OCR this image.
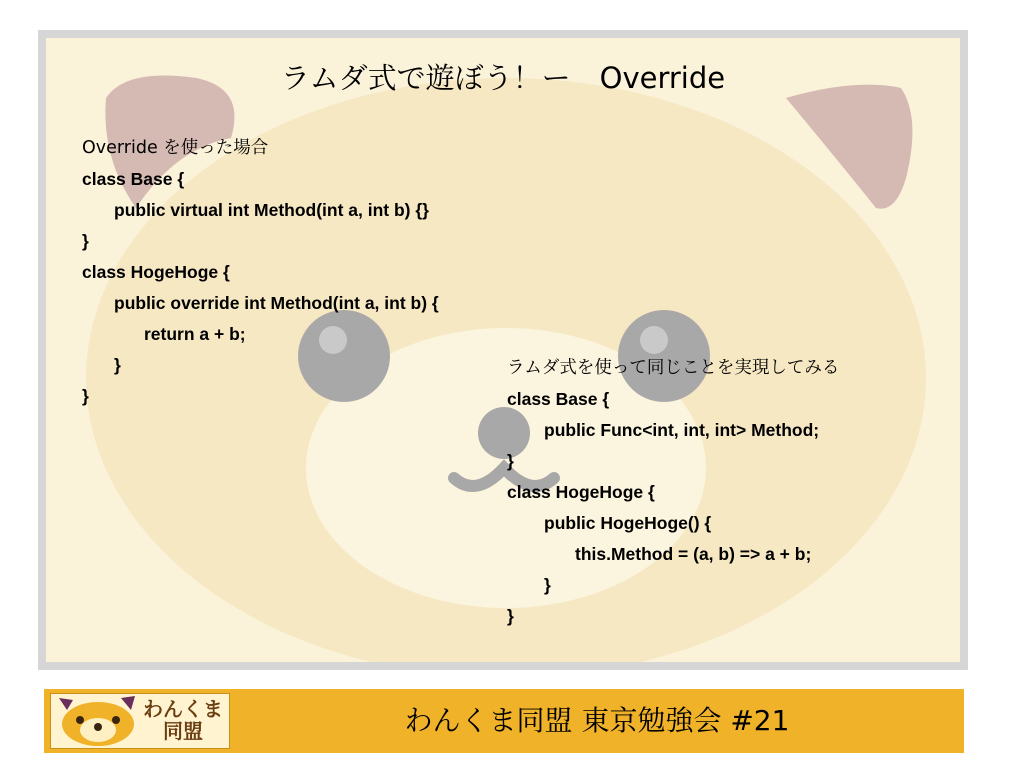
ラムダ式で遊ぼう！ー　Override
Override を使った場合
class Base {
public virtual int Method(int a, int b) {}
}
class HogeHoge {
public override int Method(int a, int b) {
return a + b;
}
}
ラムダ式を使って同じことを実現してみる
class Base {
public Func<int, int, int> Method;
}
class HogeHoge {
public HogeHoge() {
this.Method = (a, b) => a + b;
}
}
わんくま
同盟	わんくま同盟 東京勉強会 #21
